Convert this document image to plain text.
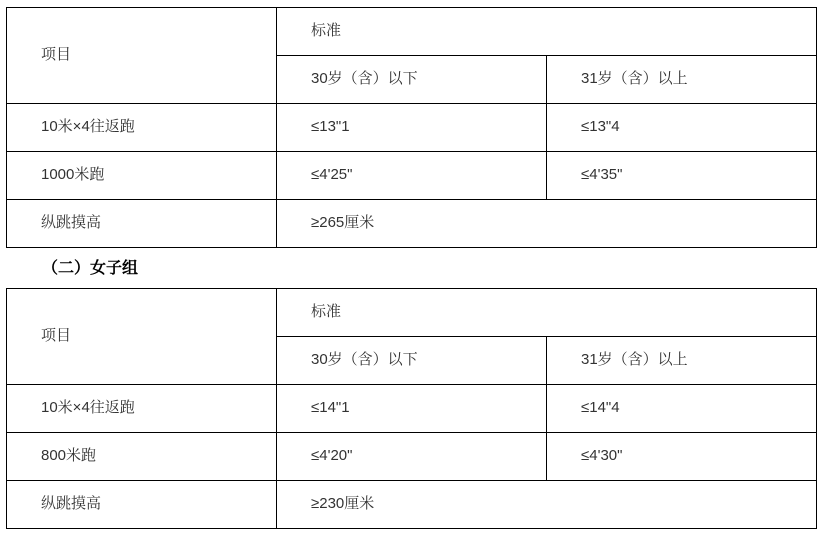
项目	标准	
	30岁（含）以下	31岁（含）以上
10米×4往返跑	≤13"1	≤13"4
1000米跑	≤4'25"	≤4'35"
纵跳摸高	≥265厘米	
（二）女子组
项目	标准	
	30岁（含）以下	31岁（含）以上
10米×4往返跑	≤14"1	≤14"4
800米跑	≤4'20"	≤4'30"
纵跳摸高	≥230厘米	
